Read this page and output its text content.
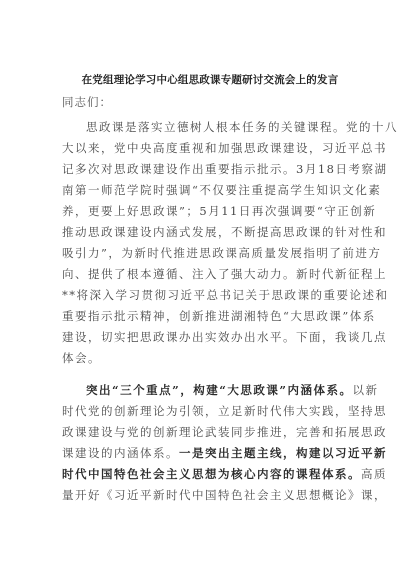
在党组理论学习中心组思政课专题研讨交流会上的发言
同志们：
思政课是落实立德树人根本任务的关键课程。党的十八
大以来，党中央高度重视和加强思政课建设，习近平总书
记多次对思政课建设作出重要指示批示。3月18日考察湖
南第一师范学院时强调“不仅要注重提高学生知识文化素
养，更要上好思政课”；5月11日再次强调要“守正创新
推动思政课建设内涵式发展，不断提高思政课的针对性和
吸引力”，为新时代推进思政课高质量发展指明了前进方
向、提供了根本遵循、注入了强大动力。新时代新征程上
**将深入学习贯彻习近平总书记关于思政课的重要论述和
重要指示批示精神，创新推进湖湘特色“大思政课”体系
建设，切实把思政课办出实效办出水平。下面，我谈几点
体会。
突出“三个重点”，构建“大思政课”内涵体系。以新
时代党的创新理论为引领，立足新时代伟大实践，坚持思
政课建设与党的创新理论武装同步推进，完善和拓展思政
课建设的内涵体系。一是突出主题主线，构建以习近平新
时代中国特色社会主义思想为核心内容的课程体系。高质
量开好《习近平新时代中国特色社会主义思想概论》课，
